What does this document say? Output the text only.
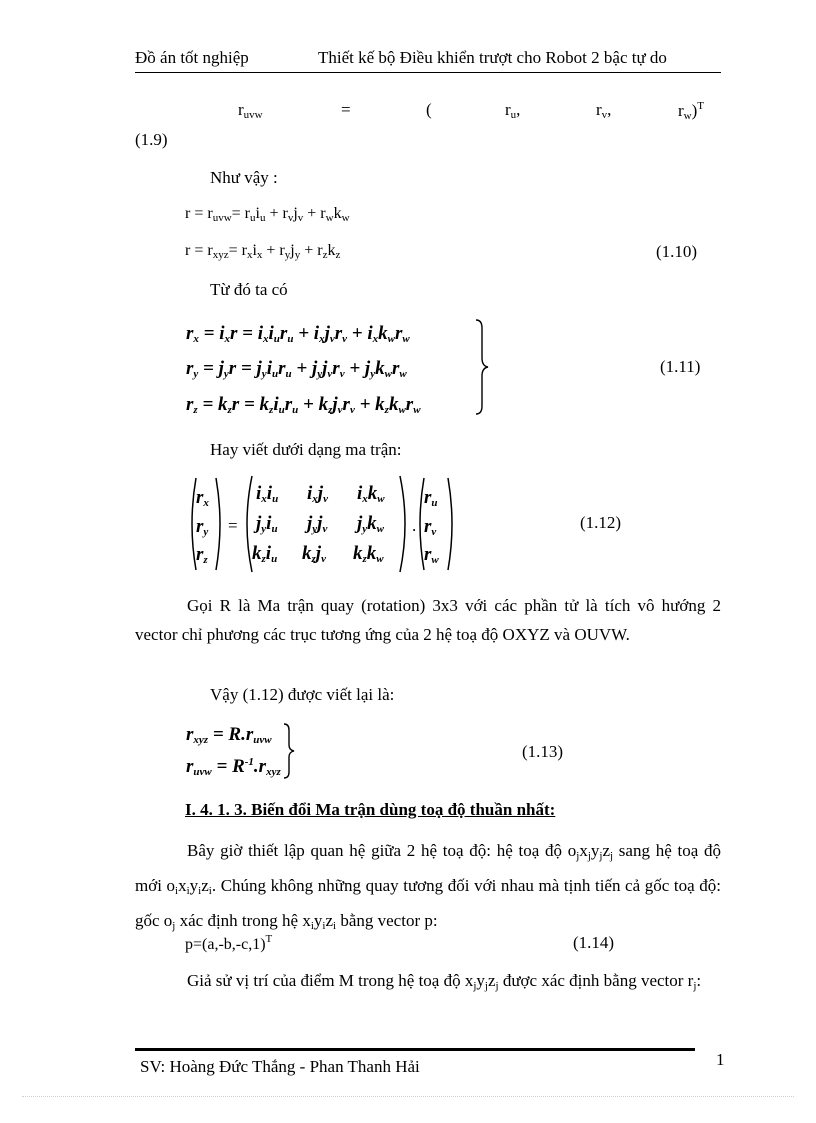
Đồ án tốt nghiệp	Thiết kế bộ Điều khiển trượt cho Robot 2 bậc tự do
$r_{uvw}$	=	(	$r_u$,	$r_v$,	$r_w)^T$
(1.9)
Như vậy :
$r = r_{uvw}= r_ui_u + r_vj_v + r_wk_w$
$r = r_{xyz}= r_xi_x + r_yj_y + r_zk_z$	(1.10)
Từ đó ta có
$r_x = i_xr = i_xi_ur_u + i_xj_vr_v + i_xk_wr_w$
$r_y = j_yr = j_yi_ur_u + j_yj_vr_v + j_yk_wr_w$
$r_z = k_zr = k_zi_ur_u + k_zj_vr_v + k_zk_wr_w$
(1.11)
Hay viết dưới dạng ma trận:
$r_x$
$r_y$
$r_z$
=
$i_xi_u$ $i_xj_v$ $i_xk_w$
$j_yi_u$ $j_yj_v$ $j_yk_w$
$k_zi_u$ $k_zj_v$ $k_zk_w$
.
$r_u$
$r_v$
$r_w$
(1.12)
Gọi R là Ma trận quay (rotation) 3x3 với các phần tử là tích vô hướng 2 vector chỉ phương các trục tương ứng của 2 hệ toạ độ OXYZ và OUVW.
Vậy (1.12) được viết lại là:
$r_{xyz} = R.r_{uvw}$
$r_{uvw} = R^{-1}.r_{xyz}$
(1.13)
I. 4. 1. 3. Biến đổi Ma trận dùng toạ độ thuần nhất:
Bây giờ thiết lập quan hệ giữa 2 hệ toạ độ: hệ toạ độ $o_jx_jy_jz_j$ sang hệ toạ độ mới $o_ix_iy_iz_i$. Chúng không những quay tương đối với nhau mà tịnh tiến cả gốc toạ độ: gốc $o_j$ xác định trong hệ $x_iy_iz_i$ bằng vector p:
$p=(a,-b,-c,1)^T$	(1.14)
Giả sử vị trí của điểm M trong hệ toạ độ $x_jy_jz_j$ được xác định bằng vector $r_j$:
SV: Hoàng Đức Thắng - Phan Thanh Hải	1
